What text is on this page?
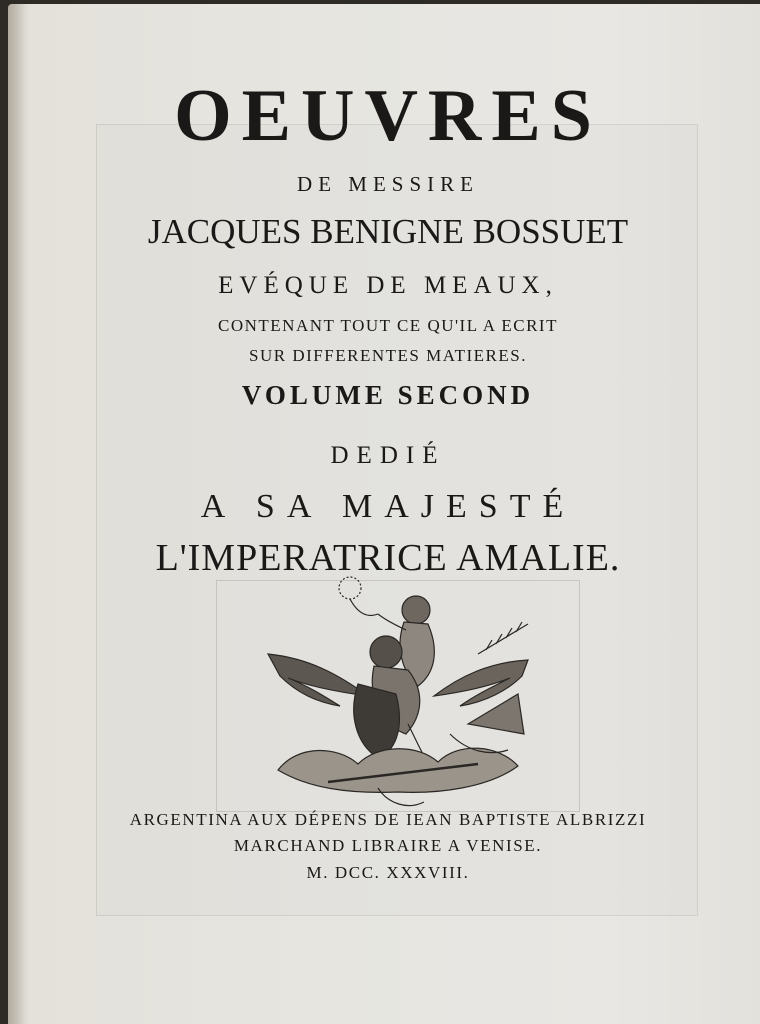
OEUVRES
DE MESSIRE
JACQUES BENIGNE BOSSUET
EVÉQUE DE MEAUX,
CONTENANT TOUT CE QU'IL A ECRIT
SUR DIFFERENTES MATIERES.
VOLUME SECOND
DEDIÉ
A SA MAJESTÉ
L'IMPERATRICE AMALIE.
ARGENTINA AUX DÉPENS DE IEAN BAPTISTE ALBRIZZI
MARCHAND LIBRAIRE A VENISE.
M. DCC. XXXVIII.
